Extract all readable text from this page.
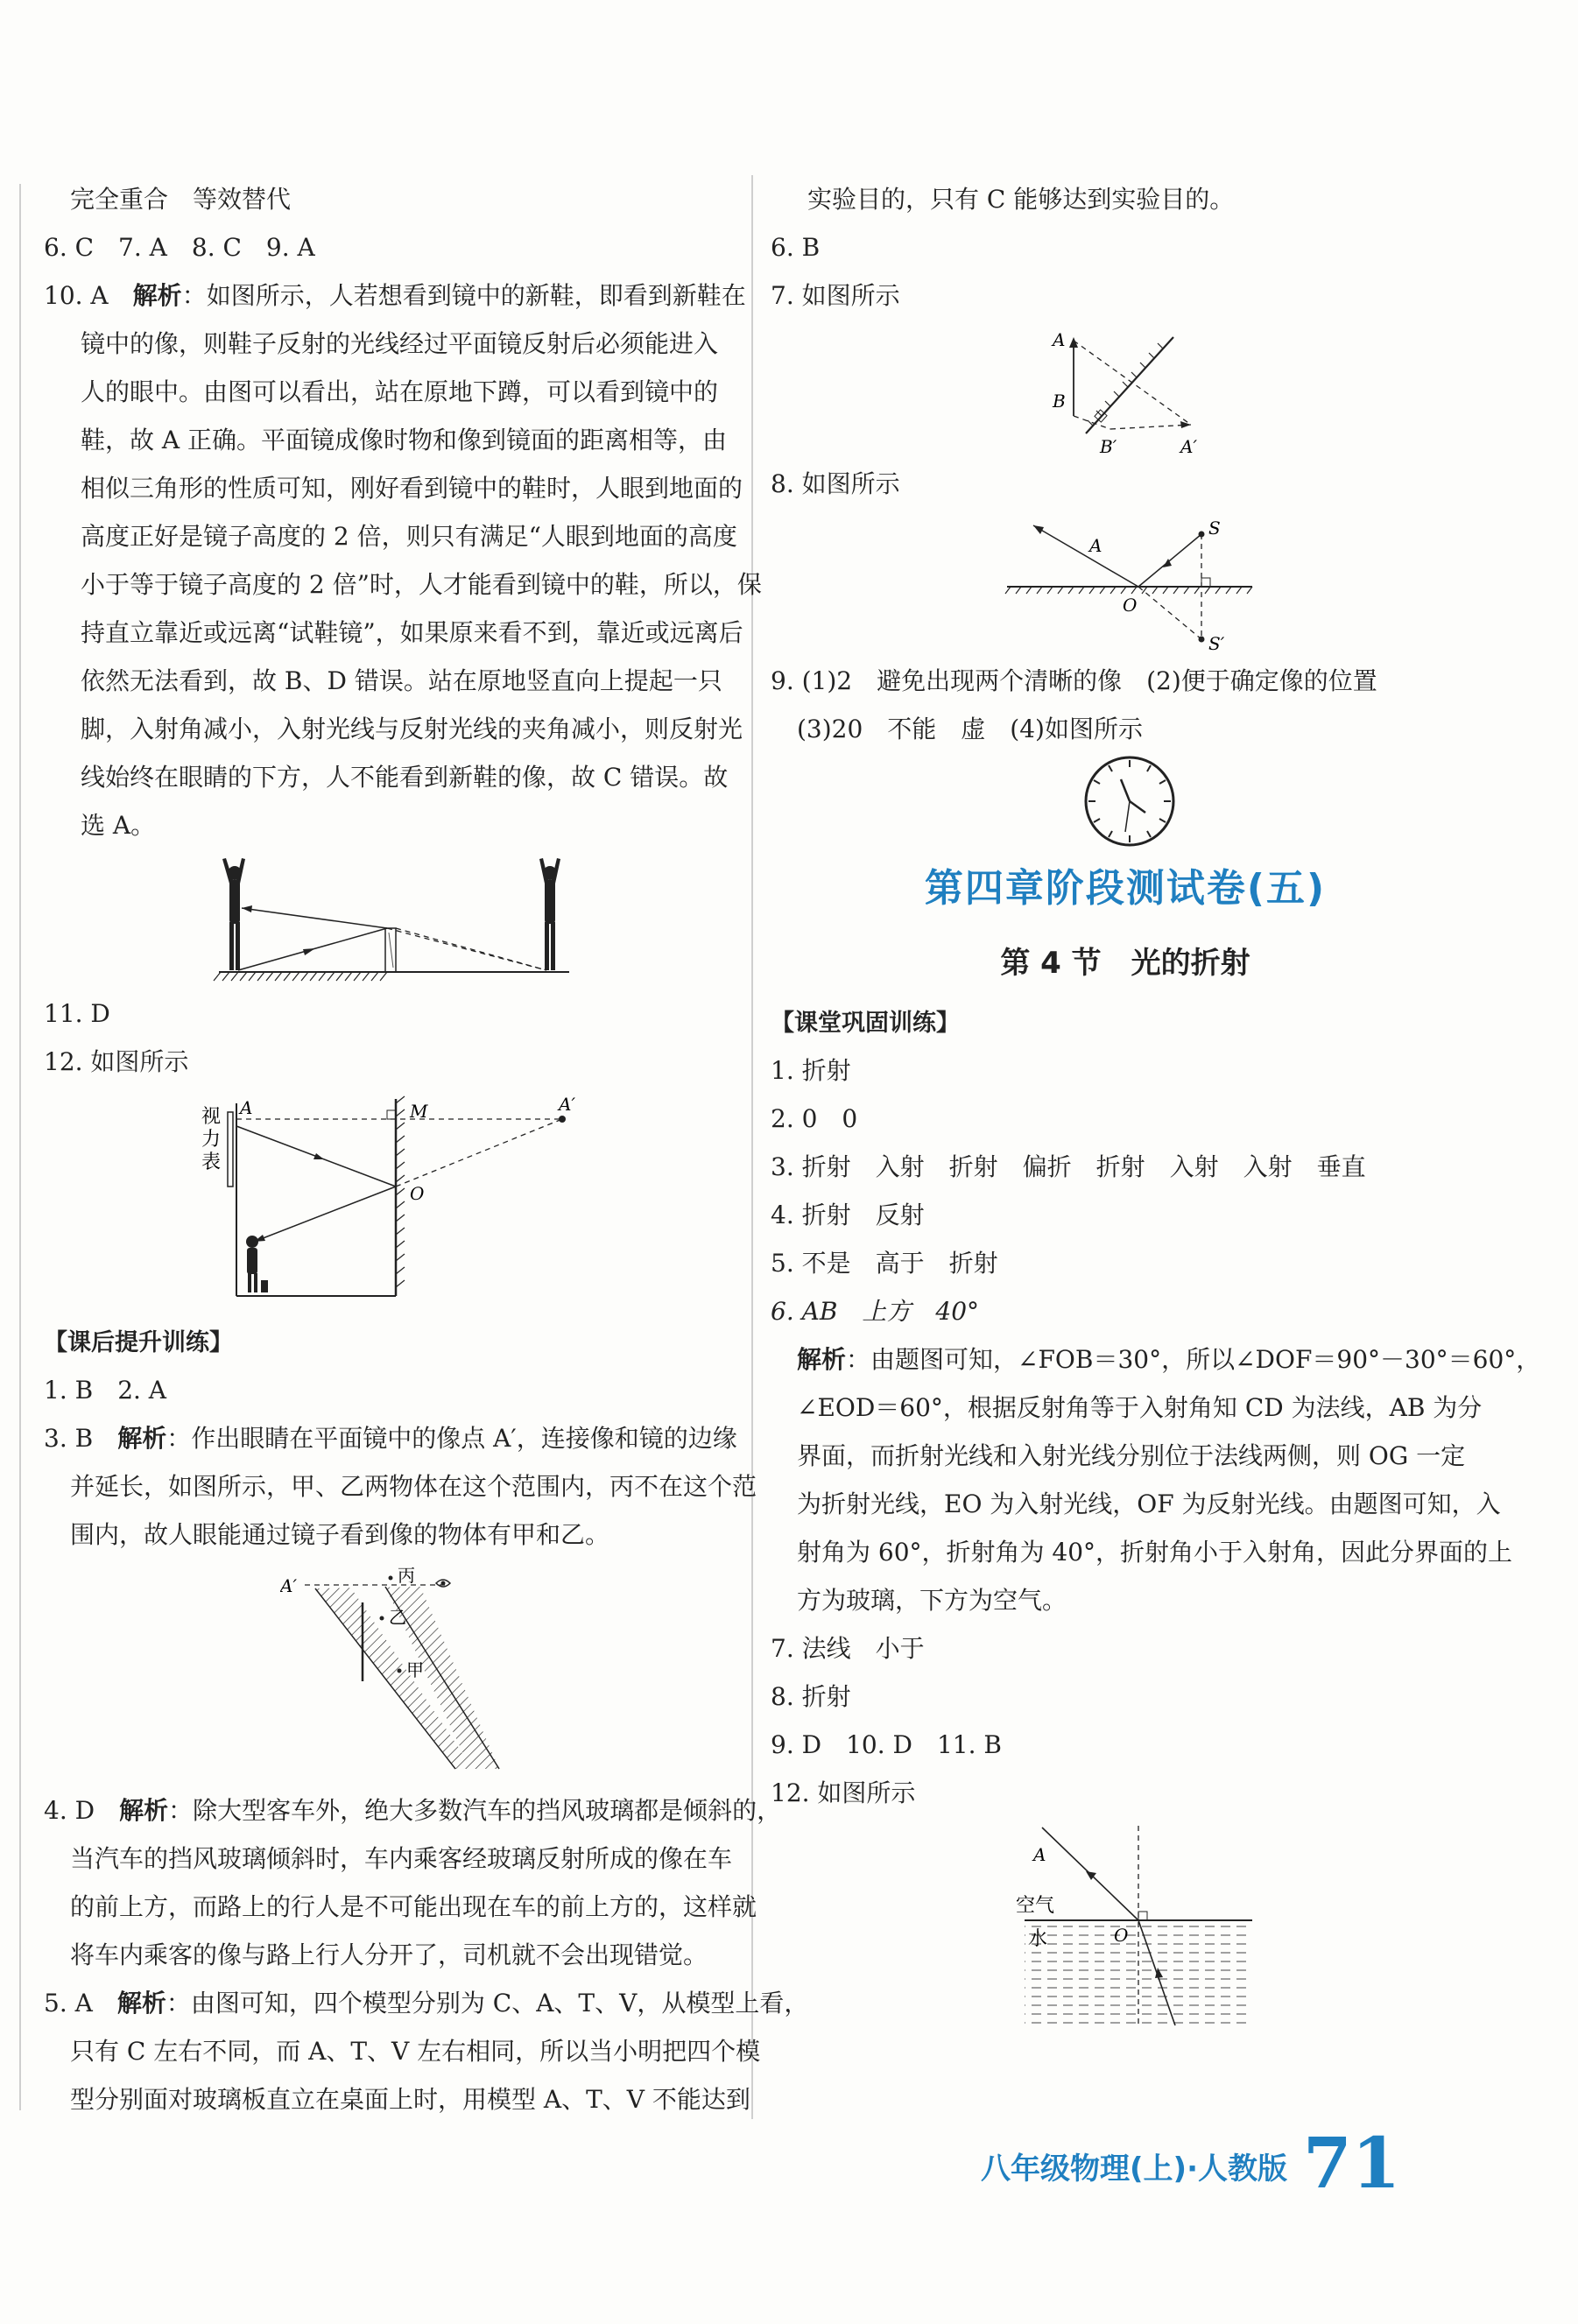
完全重合　等效替代
6. C　7. A　8. C　9. A
10. A　 解析：如图所示，人若想看到镜中的新鞋，即看到新鞋在
镜中的像，则鞋子反射的光线经过平面镜反射后必须能进入
人的眼中。由图可以看出，站在原地下蹲，可以看到镜中的
鞋，故 A 正确。平面镜成像时物和像到镜面的距离相等，由
相似三角形的性质可知，刚好看到镜中的鞋时，人眼到地面的
高度正好是镜子高度的 2 倍，则只有满足“人眼到地面的高度
小于等于镜子高度的 2 倍”时，人才能看到镜中的鞋，所以，保
持直立靠近或远离“试鞋镜”，如果原来看不到，靠近或远离后
依然无法看到，故 B、D 错误。站在原地竖直向上提起一只
脚，入射角减小，入射光线与反射光线的夹角减小，则反射光
线始终在眼睛的下方，人不能看到新鞋的像，故 C 错误。故
选 A。
11. D
12. 如图所示
视
力
表
A	M	A′
O
【课后提升训练】
1. B　2. A
3. B　 解析：作出眼睛在平面镜中的像点 A′，连接像和镜的边缘
并延长，如图所示，甲、乙两物体在这个范围内，丙不在这个范
围内，故人眼能通过镜子看到像的物体有甲和乙。
A′	丙
乙
甲
4. D　 解析：除大型客车外，绝大多数汽车的挡风玻璃都是倾斜的，
当汽车的挡风玻璃倾斜时，车内乘客经玻璃反射所成的像在车
的前上方，而路上的行人是不可能出现在车的前上方的，这样就
将车内乘客的像与路上行人分开了，司机就不会出现错觉。
5. A　 解析：由图可知，四个模型分别为 C、A、T、V，从模型上看，
只有 C 左右不同，而 A、T、V 左右相同，所以当小明把四个模
型分别面对玻璃板直立在桌面上时，用模型 A、T、V 不能达到
实验目的，只有 C 能够达到实验目的。
6. B
7. 如图所示
A
B
B′	A′
8. 如图所示
A
S
O
S′
9. (1)2　避免出现两个清晰的像　(2)便于确定像的位置
(3)20　不能　虚　(4)如图所示
第四章阶段测试卷(五)
第 4 节　光的折射
【课堂巩固训练】
1. 折射
2. 0　0
3. 折射　入射　折射　偏折　折射　入射　入射　垂直
4. 折射　反射
5. 不是　高于　折射
6. AB　上方　40°
解析：由题图可知，∠FOB＝30°，所以∠DOF＝90°－30°＝60°，
∠EOD＝60°，根据反射角等于入射角知 CD 为法线，AB 为分
界面，而折射光线和入射光线分别位于法线两侧，则 OG 一定
为折射光线，EO 为入射光线，OF 为反射光线。由题图可知，入
射角为 60°，折射角为 40°，折射角小于入射角，因此分界面的上
方为玻璃，下方为空气。
7. 法线　小于
8. 折射
9. D　10. D　11. B
12. 如图所示
A
空气
水	O
八年级物理(上)·人教版 71
